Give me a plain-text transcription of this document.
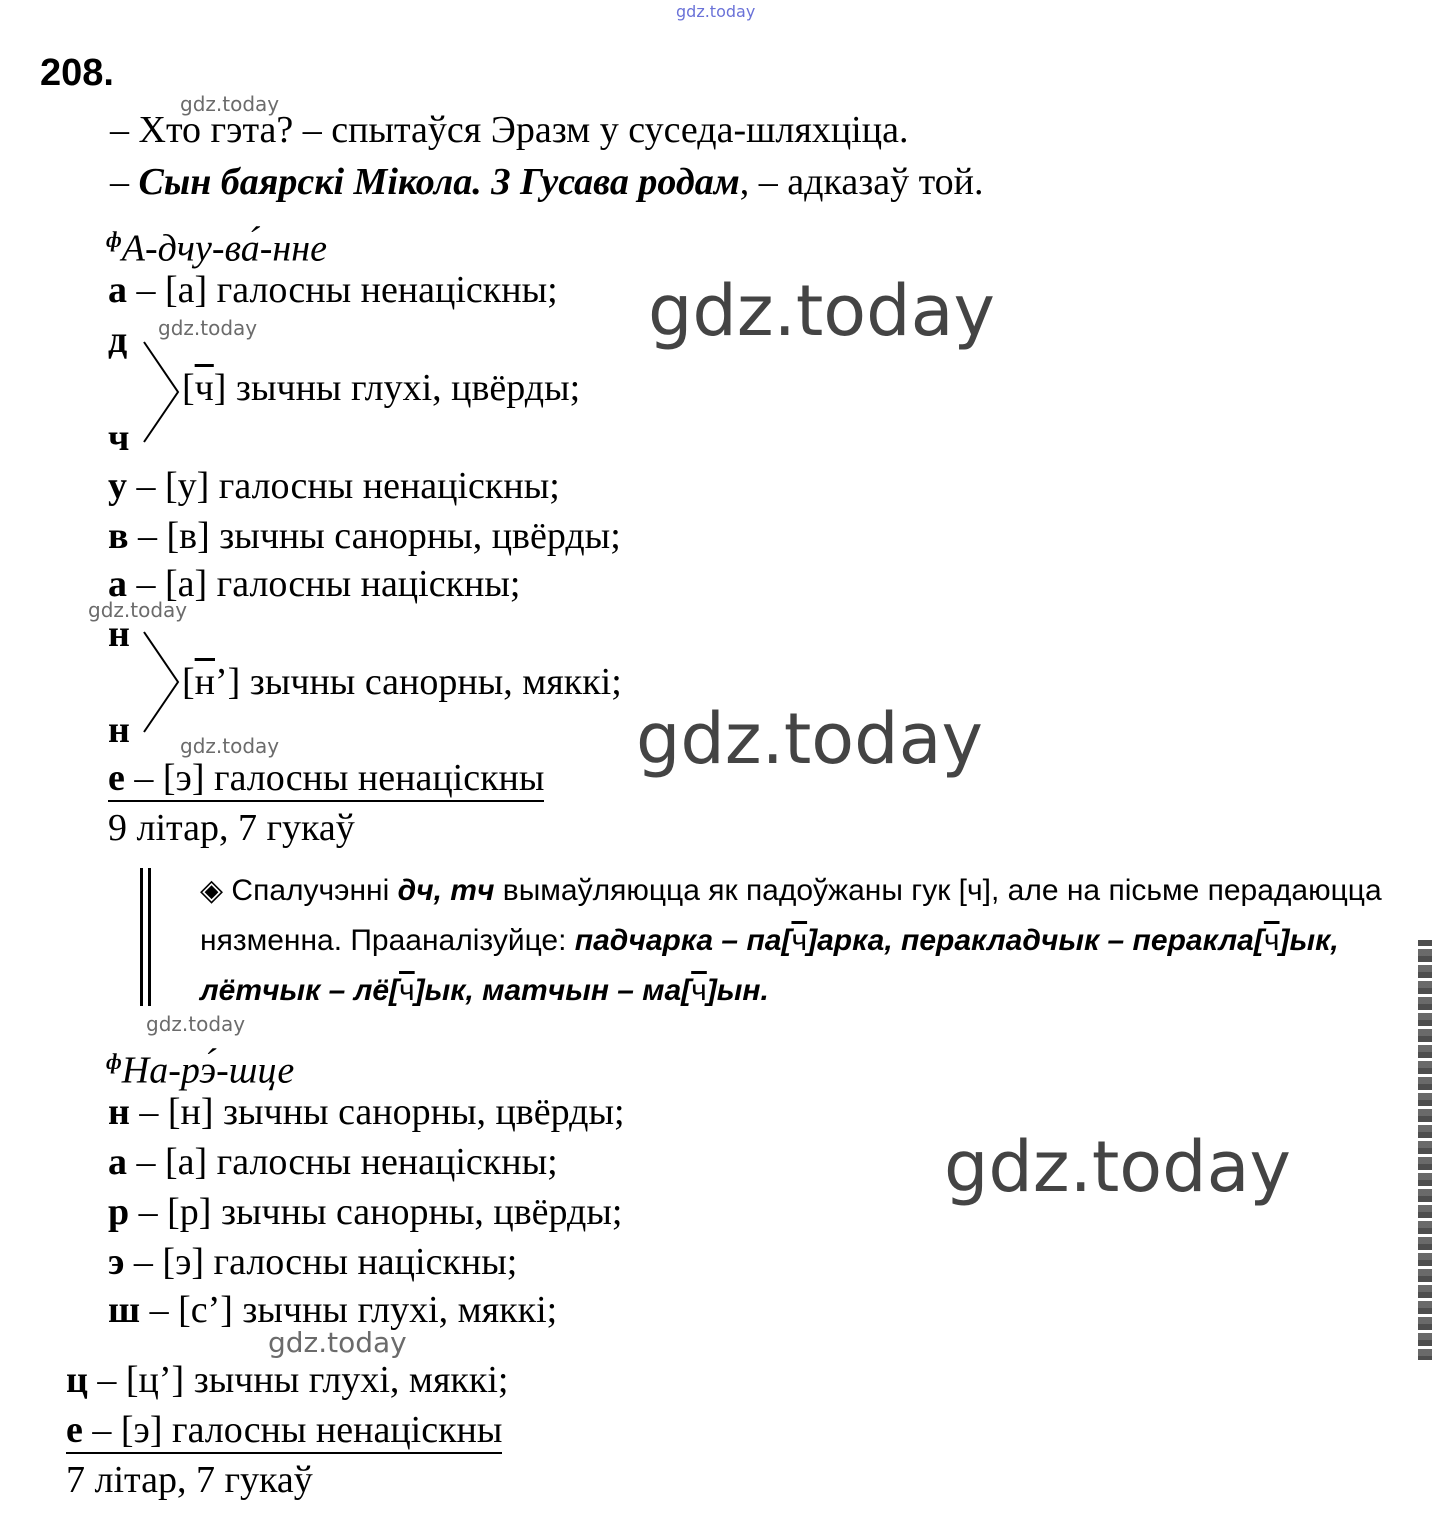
gdz.today
gdz.today
gdz.today
gdz.today
gdz.today
gdz.today
gdz.today
gdz.today
gdz.today
gdz.today
208.
– Хто гэта? – спытаўся Эразм у суседа-шляхціца.
– Сын баярскі Мікола. З Гусава родам, – адказаў той.
$^ф$А-дчу-ва́-нне
а – [а] галосны ненацiскны;
д
[ч] зычны глухі, цвёрды;
ч
у – [у] галосны ненацiскны;
в – [в] зычны санорны, цвёрды;
а – [а] галосны нацiскны;
н
[н’] зычны санорны, мяккі;
н
е – [э] галосны ненацiскны
9 літар, 7 гукаў
◈ Спалучэнні дч, тч вымаўляюцца як падоўжаны гук [ч], але на пісьме перадаюцца нязменна. Прааналізуйце: падчарка – па[ч]арка, перакладчык – перакла[ч]ык, лётчык – лё[ч]ык, матчын – ма[ч]ын.
$^ф$На-рэ́-шце
н – [н] зычны санорны, цвёрды;
а – [а] галосны ненацiскны;
р – [р] зычны санорны, цвёрды;
э – [э] галосны нацiскны;
ш – [с’] зычны глухі, мяккі;
ц – [ц’] зычны глухі, мяккі;
е – [э] галосны ненацiскны
7 літар, 7 гукаў
